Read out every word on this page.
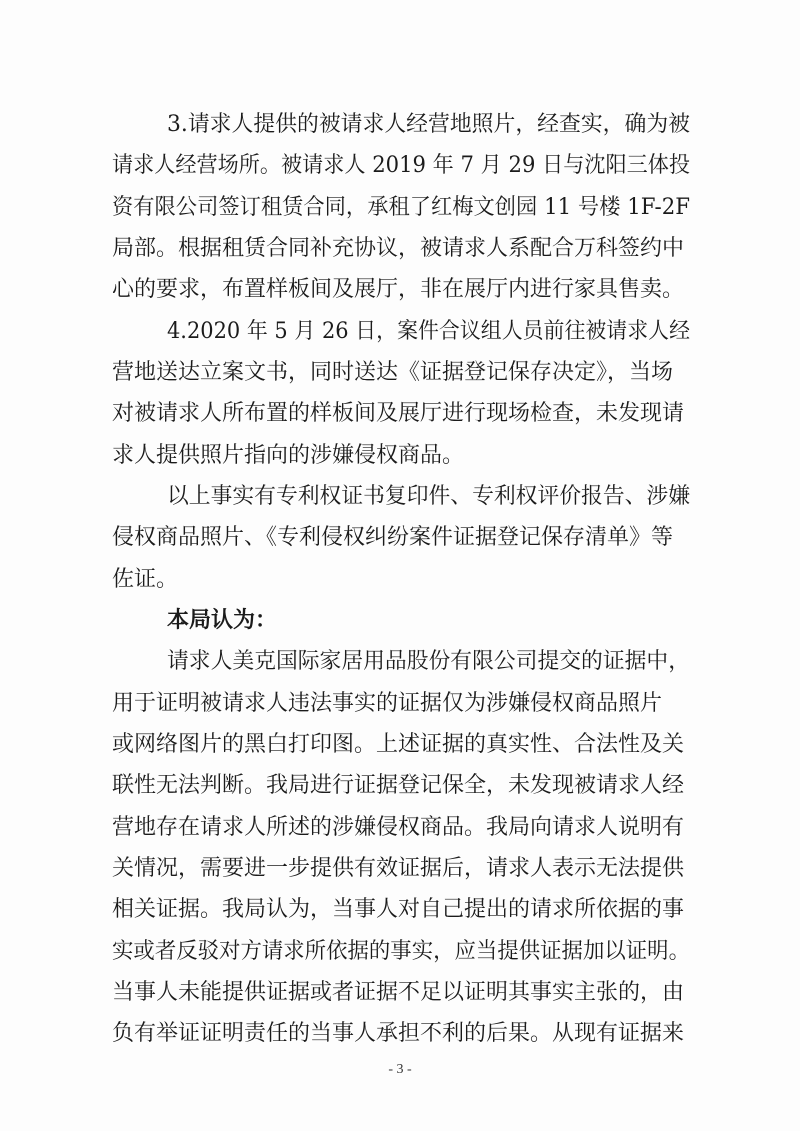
3.请求人提供的被请求人经营地照片，经查实，确为被
请求人经营场所。被请求人 2019 年 7 月 29 日与沈阳三体投
资有限公司签订租赁合同，承租了红梅文创园 11 号楼 1F-2F
局部。根据租赁合同补充协议，被请求人系配合万科签约中
心的要求，布置样板间及展厅，非在展厅内进行家具售卖。
4.2020 年 5 月 26 日，案件合议组人员前往被请求人经
营地送达立案文书，同时送达《证据登记保存决定》，当场
对被请求人所布置的样板间及展厅进行现场检查，未发现请
求人提供照片指向的涉嫌侵权商品。
以上事实有专利权证书复印件、专利权评价报告、涉嫌
侵权商品照片、《专利侵权纠纷案件证据登记保存清单》等
佐证。
本局认为：
请求人美克国际家居用品股份有限公司提交的证据中，
用于证明被请求人违法事实的证据仅为涉嫌侵权商品照片
或网络图片的黑白打印图。上述证据的真实性、合法性及关
联性无法判断。我局进行证据登记保全，未发现被请求人经
营地存在请求人所述的涉嫌侵权商品。我局向请求人说明有
关情况，需要进一步提供有效证据后，请求人表示无法提供
相关证据。我局认为，当事人对自己提出的请求所依据的事
实或者反驳对方请求所依据的事实，应当提供证据加以证明。
当事人未能提供证据或者证据不足以证明其事实主张的，由
负有举证证明责任的当事人承担不利的后果。从现有证据来
- 3 -
